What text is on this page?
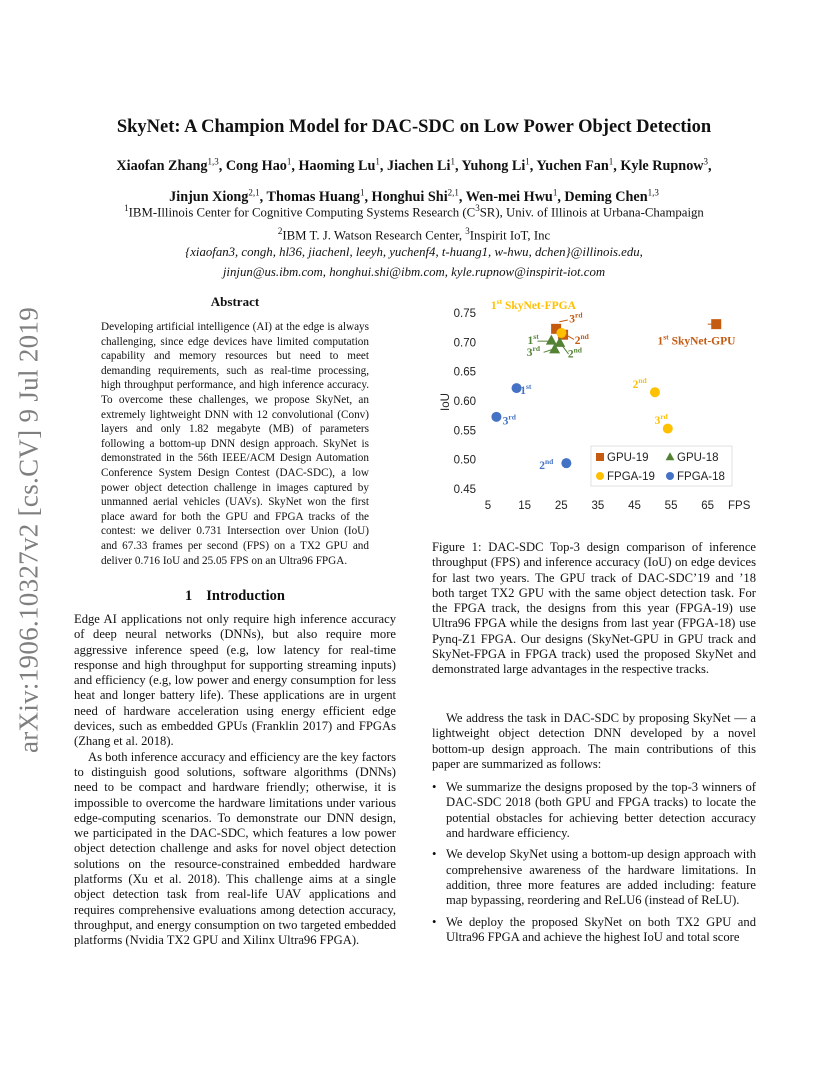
arXiv:1906.10327v2 [cs.CV] 9 Jul 2019
SkyNet: A Champion Model for DAC-SDC on Low Power Object Detection
Xiaofan Zhang$^{1,3}$, Cong Hao$^1$, Haoming Lu$^1$, Jiachen Li$^1$, Yuhong Li$^1$, Yuchen Fan$^1$, Kyle Rupnow$^3$,
Jinjun Xiong$^{2,1}$, Thomas Huang$^1$, Honghui Shi$^{2,1}$, Wen-mei Hwu$^1$, Deming Chen$^{1,3}$
$^1$IBM-Illinois Center for Cognitive Computing Systems Research $(C^3SR)$, Univ. of Illinois at Urbana-Champaign
$^2$IBM T. J. Watson Research Center, $^3$Inspirit IoT, Inc
{xiaofan3, congh, hl36, jiachenl, leeyh, yuchenf4, t-huang1, w-hwu, dchen}@illinois.edu,
jinjun@us.ibm.com, honghui.shi@ibm.com, kyle.rupnow@inspirit-iot.com
Abstract

Developing artificial intelligence (AI) at the edge is always challenging, since edge devices have limited computation capability and memory resources but need to meet demanding requirements, such as real-time processing, high throughput performance, and high inference accuracy. To overcome these challenges, we propose SkyNet, an extremely lightweight DNN with 12 convolutional (Conv) layers and only 1.82 megabyte (MB) of parameters following a bottom-up DNN design approach. SkyNet is demonstrated in the 56th IEEE/ACM Design Automation Conference System Design Contest (DAC-SDC), a low power object detection challenge in images captured by unmanned aerial vehicles (UAVs). SkyNet won the first place award for both the GPU and FPGA tracks of the contest: we deliver 0.731 Intersection over Union (IoU) and 67.33 frames per second (FPS) on a TX2 GPU and deliver 0.716 IoU and 25.05 FPS on an Ultra96 FPGA.

1 Introduction

Edge AI applications not only require high inference accuracy of deep neural networks (DNNs), but also require more aggressive inference speed (e.g, low latency for real-time response and high throughput for supporting streaming inputs) and efficiency (e.g, low power and energy consumption for less heat and longer battery life). These applications are in urgent need of hardware acceleration using energy efficient edge devices, such as embedded GPUs (Franklin 2017) and FPGAs (Zhang et al. 2018).

As both inference accuracy and efficiency are the key factors to distinguish good solutions, software algorithms (DNNs) need to be compact and hardware friendly; otherwise, it is impossible to overcome the hardware limitations under various edge-computing scenarios. To demonstrate our DNN design, we participated in the DAC-SDC, which features a low power object detection challenge and asks for novel object detection solutions on the resource-constrained embedded hardware platforms (Xu et al. 2018). This challenge aims at a single object detection task from real-life UAV applications and requires comprehensive evaluations among detection accuracy, throughput, and energy consumption on two targeted embedded platforms (Nvidia TX2 GPU and Xilinx Ultra96 FPGA).

0.45
0.50
0.55
0.60
0.65
0.70
0.75
5 15 25 35 45 55 65 FPS
IoU
1st SkyNet-FPGA
3rd
2nd	1st SkyNet-GPU
1st
3rd
2nd
1st
3rd
2nd
2nd
3rd
GPU-19 GPU-18
FPGA-19 FPGA-18

Figure 1: DAC-SDC Top-3 design comparison of inference throughput (FPS) and inference accuracy (IoU) on edge devices for last two years. The GPU track of DAC-SDC’19 and ’18 both target TX2 GPU with the same object detection task. For the FPGA track, the designs from this year (FPGA-19) use Ultra96 FPGA while the designs from last year (FPGA-18) use Pynq-Z1 FPGA. Our designs (SkyNet-GPU in GPU track and SkyNet-FPGA in FPGA track) used the proposed SkyNet and demonstrated large advantages in the respective tracks.

We address the task in DAC-SDC by proposing SkyNet — a lightweight object detection DNN developed by a novel bottom-up design approach. The main contributions of this paper are summarized as follows:

• We summarize the designs proposed by the top-3 winners of DAC-SDC 2018 (both GPU and FPGA tracks) to locate the potential obstacles for achieving better detection accuracy and hardware efficiency.
• We develop SkyNet using a bottom-up design approach with comprehensive awareness of the hardware limitations. In addition, three more features are added including: feature map bypassing, reordering and ReLU6 (instead of ReLU).
• We deploy the proposed SkyNet on both TX2 GPU and Ultra96 FPGA and achieve the highest IoU and total score
